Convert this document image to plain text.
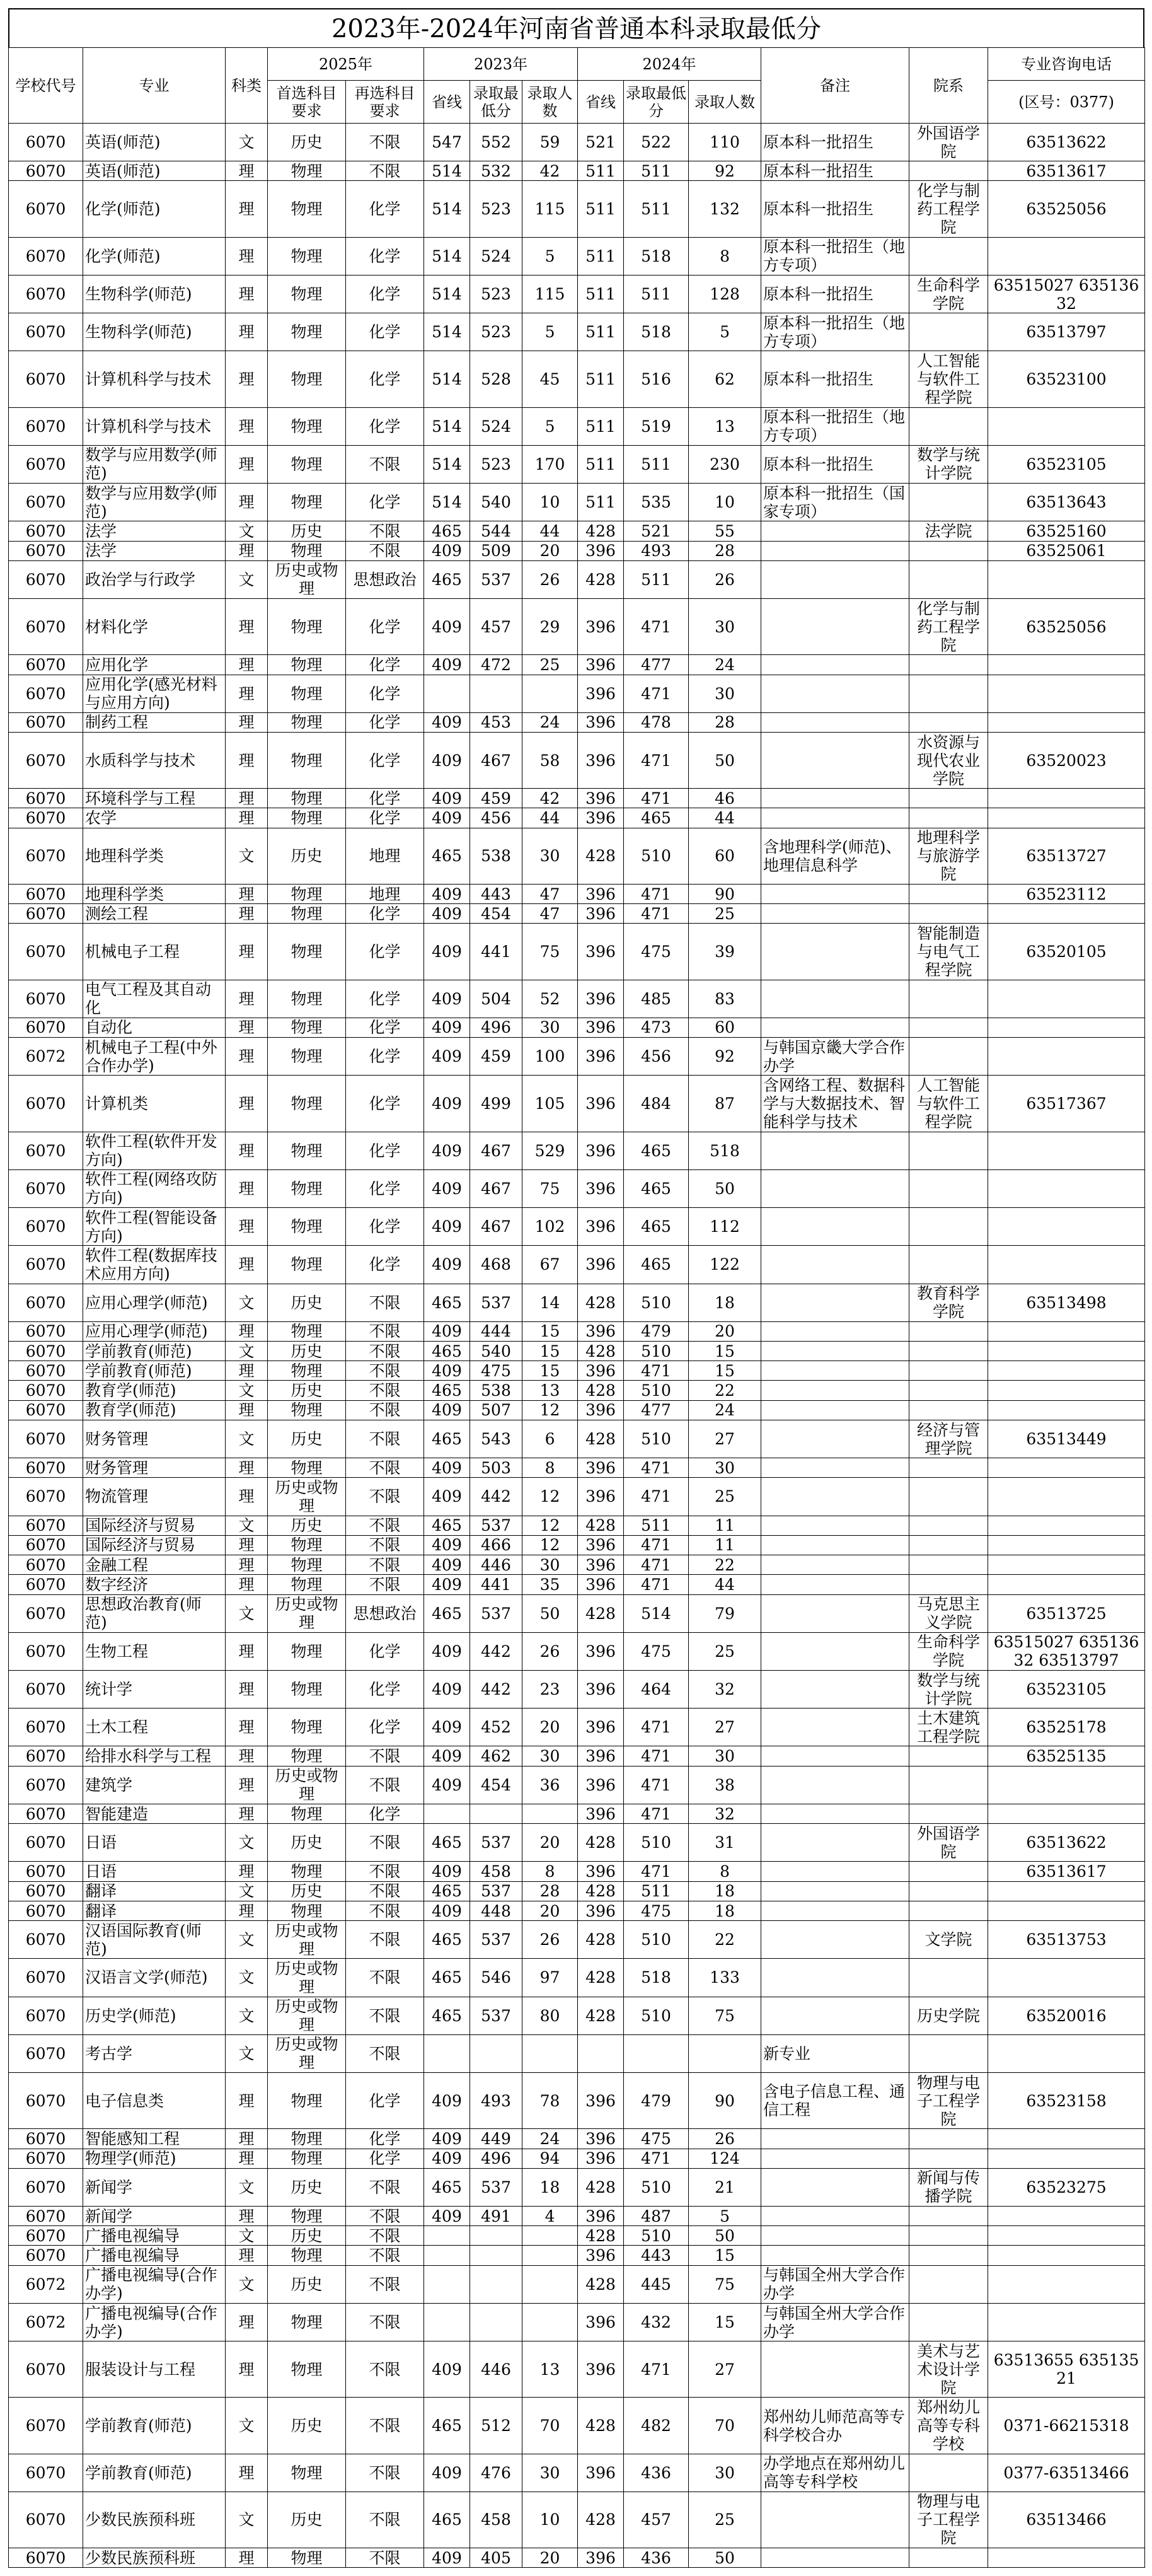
2023年-2024年河南省普通本科录取最低分
学校代号	专业	科类	2025年		2023年			2024年			备注	院系	专业咨询电话
			首选科目要求	再选科目要求	省线	录取最低分	录取人数	省线	录取最低分	录取人数			(区号：0377)
6070	英语(师范)	文	历史	不限	547	552	59	521	522	110	原本科一批招生	外国语学院	63513622
6070	英语(师范)	理	物理	不限	514	532	42	511	511	92	原本科一批招生		63513617
6070	化学(师范)	理	物理	化学	514	523	115	511	511	132	原本科一批招生	化学与制药工程学院	63525056
6070	化学(师范)	理	物理	化学	514	524	5	511	518	8	原本科一批招生（地方专项）		
6070	生物科学(师范)	理	物理	化学	514	523	115	511	511	128	原本科一批招生	生命科学学院	63515027 63513632
6070	生物科学(师范)	理	物理	化学	514	523	5	511	518	5	原本科一批招生（地方专项）		63513797
6070	计算机科学与技术	理	物理	化学	514	528	45	511	516	62	原本科一批招生	人工智能与软件工程学院	63523100
6070	计算机科学与技术	理	物理	化学	514	524	5	511	519	13	原本科一批招生（地方专项）		
6070	数学与应用数学(师范)	理	物理	不限	514	523	170	511	511	230	原本科一批招生	数学与统计学院	63523105
6070	数学与应用数学(师范)	理	物理	化学	514	540	10	511	535	10	原本科一批招生（国家专项）		63513643
6070	法学	文	历史	不限	465	544	44	428	521	55		法学院	63525160
6070	法学	理	物理	不限	409	509	20	396	493	28			63525061
6070	政治学与行政学	文	历史或物理	思想政治	465	537	26	428	511	26			
6070	材料化学	理	物理	化学	409	457	29	396	471	30		化学与制药工程学院	63525056
6070	应用化学	理	物理	化学	409	472	25	396	477	24			
6070	应用化学(感光材料与应用方向)	理	物理	化学				396	471	30			
6070	制药工程	理	物理	化学	409	453	24	396	478	28			
6070	水质科学与技术	理	物理	化学	409	467	58	396	471	50		水资源与现代农业学院	63520023
6070	环境科学与工程	理	物理	化学	409	459	42	396	471	46			
6070	农学	理	物理	化学	409	456	44	396	465	44			
6070	地理科学类	文	历史	地理	465	538	30	428	510	60	含地理科学(师范)、地理信息科学	地理科学与旅游学院	63513727
6070	地理科学类	理	物理	地理	409	443	47	396	471	90			63523112
6070	测绘工程	理	物理	化学	409	454	47	396	471	25			
6070	机械电子工程	理	物理	化学	409	441	75	396	475	39		智能制造与电气工程学院	63520105
6070	电气工程及其自动化	理	物理	化学	409	504	52	396	485	83			
6070	自动化	理	物理	化学	409	496	30	396	473	60			
6072	机械电子工程(中外合作办学)	理	物理	化学	409	459	100	396	456	92	与韩国京畿大学合作办学		
6070	计算机类	理	物理	化学	409	499	105	396	484	87	含网络工程、数据科学与大数据技术、智能科学与技术	人工智能与软件工程学院	63517367
6070	软件工程(软件开发方向)	理	物理	化学	409	467	529	396	465	518			
6070	软件工程(网络攻防方向)	理	物理	化学	409	467	75	396	465	50			
6070	软件工程(智能设备方向)	理	物理	化学	409	467	102	396	465	112			
6070	软件工程(数据库技术应用方向)	理	物理	化学	409	468	67	396	465	122			
6070	应用心理学(师范)	文	历史	不限	465	537	14	428	510	18		教育科学学院	63513498
6070	应用心理学(师范)	理	物理	不限	409	444	15	396	479	20			
6070	学前教育(师范)	文	历史	不限	465	540	15	428	510	15			
6070	学前教育(师范)	理	物理	不限	409	475	15	396	471	15			
6070	教育学(师范)	文	历史	不限	465	538	13	428	510	22			
6070	教育学(师范)	理	物理	不限	409	507	12	396	477	24			
6070	财务管理	文	历史	不限	465	543	6	428	510	27		经济与管理学院	63513449
6070	财务管理	理	物理	不限	409	503	8	396	471	30			
6070	物流管理	理	历史或物理	不限	409	442	12	396	471	25			
6070	国际经济与贸易	文	历史	不限	465	537	12	428	511	11			
6070	国际经济与贸易	理	物理	不限	409	466	12	396	471	11			
6070	金融工程	理	物理	不限	409	446	30	396	471	22			
6070	数字经济	理	物理	不限	409	441	35	396	471	44			
6070	思想政治教育(师范)	文	历史或物理	思想政治	465	537	50	428	514	79		马克思主义学院	63513725
6070	生物工程	理	物理	化学	409	442	26	396	475	25		生命科学学院	63515027 63513632 63513797
6070	统计学	理	物理	化学	409	442	23	396	464	32		数学与统计学院	63523105
6070	土木工程	理	物理	化学	409	452	20	396	471	27		土木建筑工程学院	63525178
6070	给排水科学与工程	理	物理	不限	409	462	30	396	471	30			63525135
6070	建筑学	理	历史或物理	不限	409	454	36	396	471	38			
6070	智能建造	理	物理	化学				396	471	32			
6070	日语	文	历史	不限	465	537	20	428	510	31		外国语学院	63513622
6070	日语	理	物理	不限	409	458	8	396	471	8			63513617
6070	翻译	文	历史	不限	465	537	28	428	511	18			
6070	翻译	理	物理	不限	409	448	20	396	475	18			
6070	汉语国际教育(师范)	文	历史或物理	不限	465	537	26	428	510	22		文学院	63513753
6070	汉语言文学(师范)	文	历史或物理	不限	465	546	97	428	518	133			
6070	历史学(师范)	文	历史或物理	不限	465	537	80	428	510	75		历史学院	63520016
6070	考古学	文	历史或物理	不限							新专业		
6070	电子信息类	理	物理	化学	409	493	78	396	479	90	含电子信息工程、通信工程	物理与电子工程学院	63523158
6070	智能感知工程	理	物理	化学	409	449	24	396	475	26			
6070	物理学(师范)	理	物理	化学	409	496	94	396	471	124			
6070	新闻学	文	历史	不限	465	537	18	428	510	21		新闻与传播学院	63523275
6070	新闻学	理	物理	不限	409	491	4	396	487	5			
6070	广播电视编导	文	历史	不限				428	510	50			
6070	广播电视编导	理	物理	不限				396	443	15			
6072	广播电视编导(合作办学)	文	历史	不限				428	445	75	与韩国全州大学合作办学		
6072	广播电视编导(合作办学)	理	物理	不限				396	432	15	与韩国全州大学合作办学		
6070	服装设计与工程	理	物理	不限	409	446	13	396	471	27		美术与艺术设计学院	63513655 63513521
6070	学前教育(师范)	文	历史	不限	465	512	70	428	482	70	郑州幼儿师范高等专科学校合办	郑州幼儿高等专科学校	0371-66215318
6070	学前教育(师范)	理	物理	不限	409	476	30	396	436	30	办学地点在郑州幼儿高等专科学校		0377-63513466
6070	少数民族预科班	文	历史	不限	465	458	10	428	457	25		物理与电子工程学院	63513466
6070	少数民族预科班	理	物理	不限	409	405	20	396	436	50			
